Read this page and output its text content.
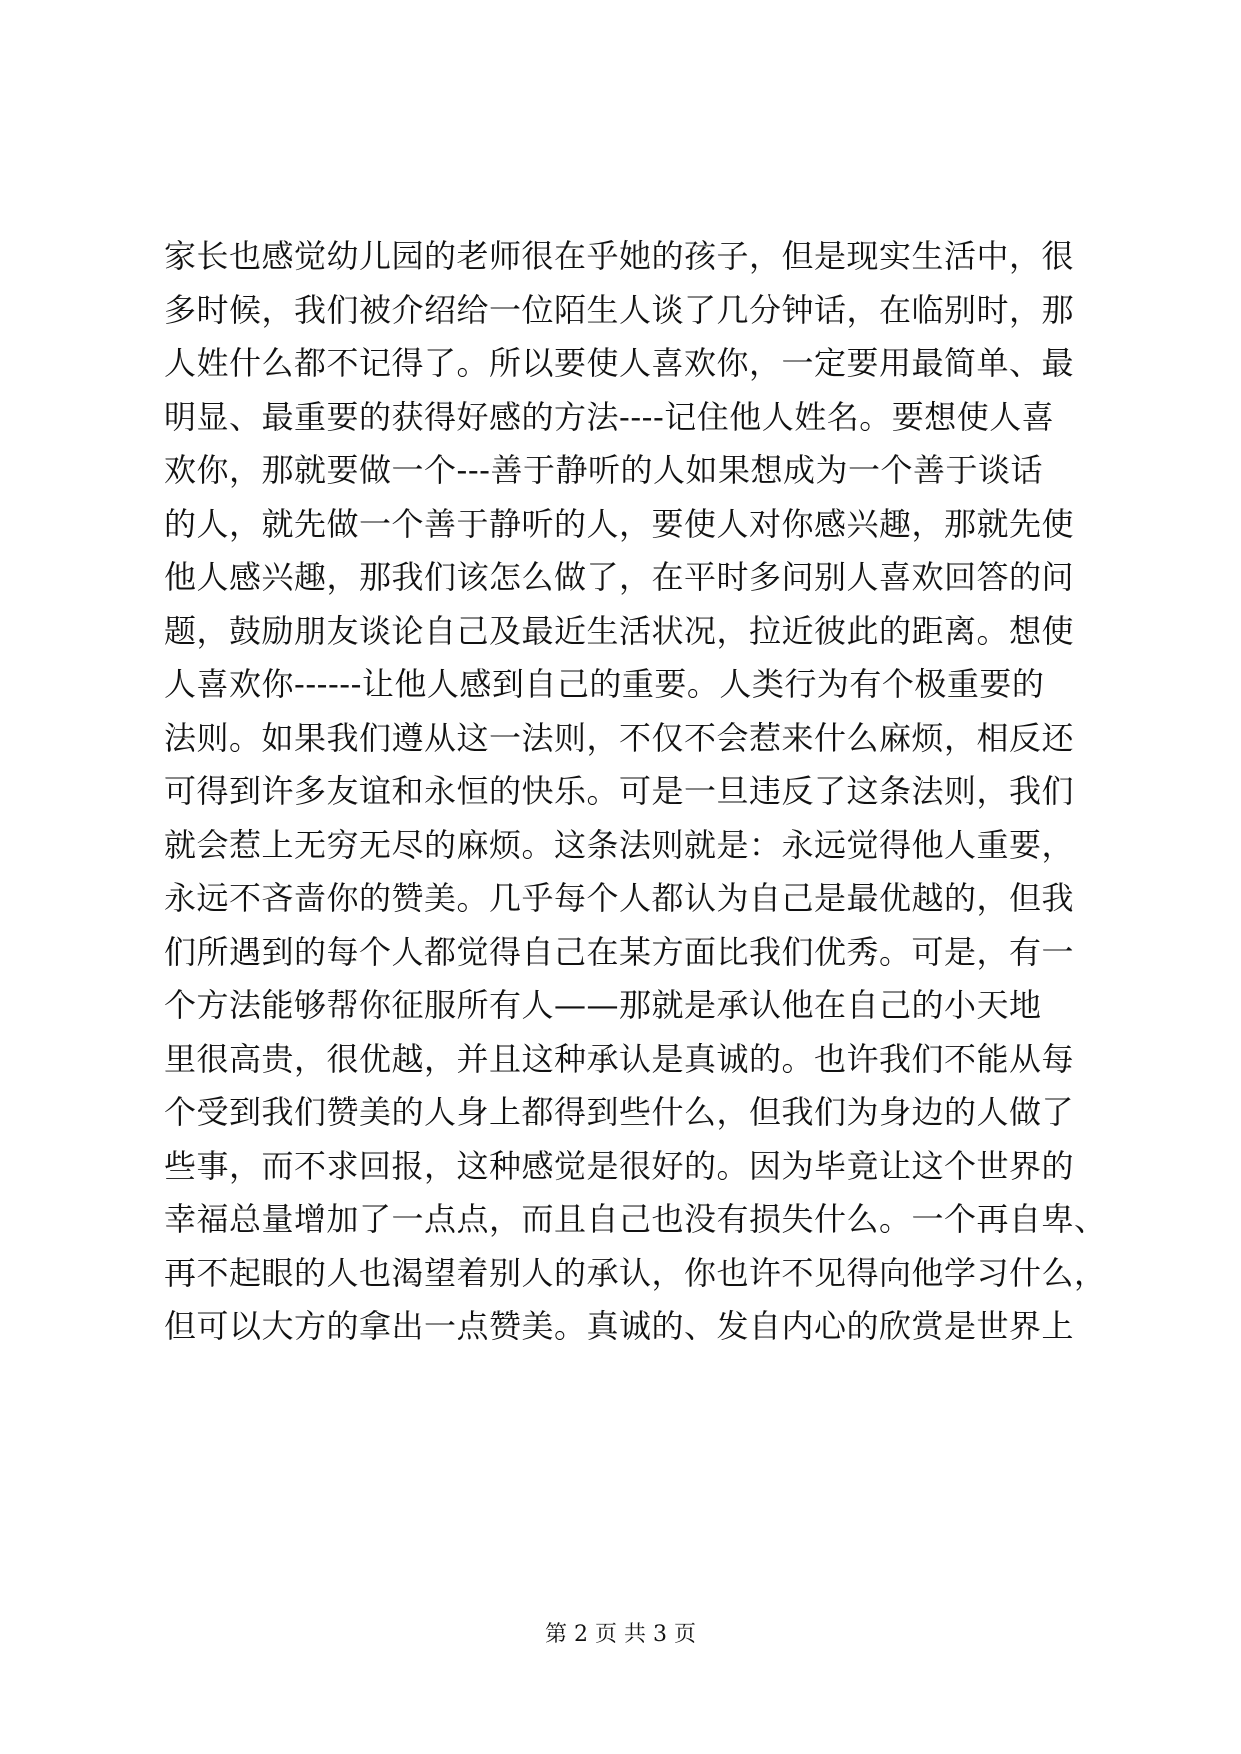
家长也感觉幼儿园的老师很在乎她的孩子，但是现实生活中，很
多时候，我们被介绍给一位陌生人谈了几分钟话，在临别时，那
人姓什么都不记得了。所以要使人喜欢你，一定要用最简单、最
明显、最重要的获得好感的方法----记住他人姓名。要想使人喜
欢你，那就要做一个---善于静听的人如果想成为一个善于谈话
的人，就先做一个善于静听的人，要使人对你感兴趣，那就先使
他人感兴趣，那我们该怎么做了，在平时多问别人喜欢回答的问
题，鼓励朋友谈论自己及最近生活状况，拉近彼此的距离。想使
人喜欢你------让他人感到自己的重要。人类行为有个极重要的
法则。如果我们遵从这一法则，不仅不会惹来什么麻烦，相反还
可得到许多友谊和永恒的快乐。可是一旦违反了这条法则，我们
就会惹上无穷无尽的麻烦。这条法则就是：永远觉得他人重要，
永远不吝啬你的赞美。几乎每个人都认为自己是最优越的，但我
们所遇到的每个人都觉得自己在某方面比我们优秀。可是，有一
个方法能够帮你征服所有人——那就是承认他在自己的小天地
里很高贵，很优越，并且这种承认是真诚的。也许我们不能从每
个受到我们赞美的人身上都得到些什么，但我们为身边的人做了
些事，而不求回报，这种感觉是很好的。因为毕竟让这个世界的
幸福总量增加了一点点，而且自己也没有损失什么。一个再自卑、
再不起眼的人也渴望着别人的承认，你也许不见得向他学习什么，
但可以大方的拿出一点赞美。真诚的、发自内心的欣赏是世界上
第 2 页 共 3 页
